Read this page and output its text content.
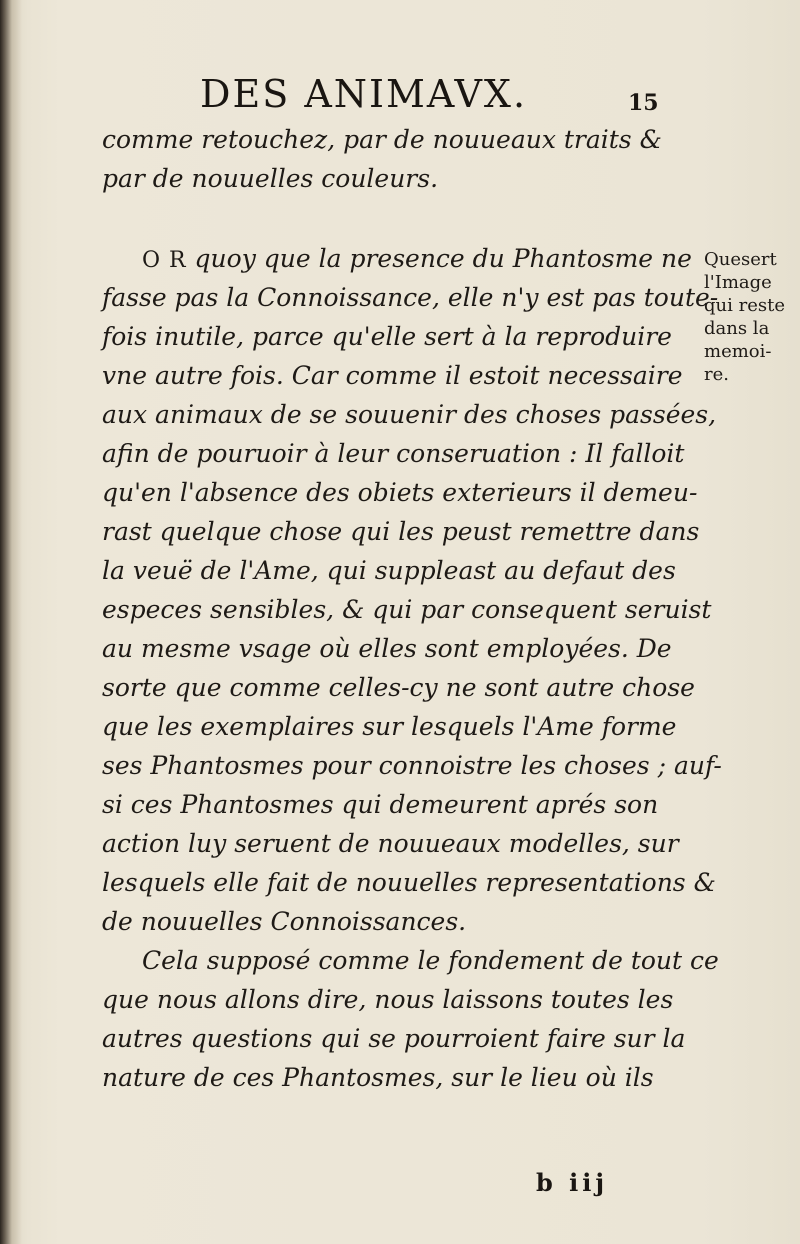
DES ANIMAVX.	15
comme retouchez, par de nouueaux traits &
par de nouuelles couleurs.
O R quoy que la presence du Phantosme ne
fasse pas la Connoissance, elle n'y est pas toute-
fois inutile, parce qu'elle sert à la reproduire
vne autre fois. Car comme il estoit necessaire
aux animaux de se souuenir des choses passées,
afin de pouruoir à leur conseruation : Il falloit
qu'en l'absence des obiets exterieurs il demeu-
rast quelque chose qui les peust remettre dans
la veuë de l'Ame, qui suppleast au defaut des
especes sensibles, & qui par consequent seruist
au mesme vsage où elles sont employées. De
sorte que comme celles-cy ne sont autre chose
que les exemplaires sur lesquels l'Ame forme
ses Phantosmes pour connoistre les choses ; auf-
si ces Phantosmes qui demeurent aprés son
action luy seruent de nouueaux modelles, sur
lesquels elle fait de nouuelles representations &
de nouuelles Connoissances.
Cela supposé comme le fondement de tout ce
que nous allons dire, nous laissons toutes les
autres questions qui se pourroient faire sur la
nature de ces Phantosmes, sur le lieu où ils
Quesert
l'Image
qui reste
dans la
memoi-
re.
b iij
